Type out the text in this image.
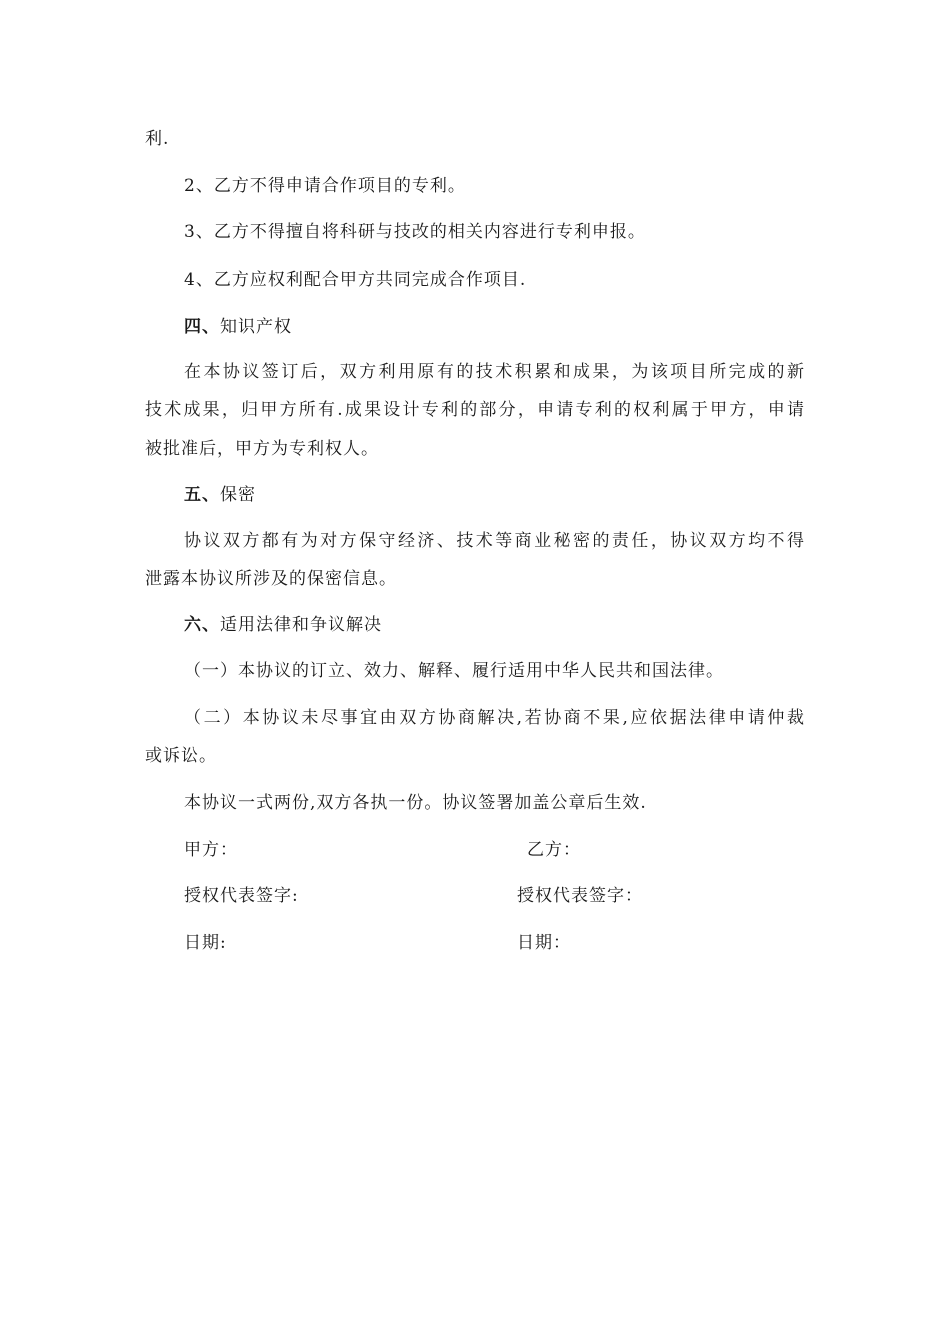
利.
2、乙方不得申请合作项目的专利。
3、乙方不得擅自将科研与技改的相关内容进行专利申报。
4、乙方应权利配合甲方共同完成合作项目.
四、知识产权
在本协议签订后，双方利用原有的技术积累和成果，为该项目所完成的新
技术成果，归甲方所有.成果设计专利的部分，申请专利的权利属于甲方，申请
被批准后，甲方为专利权人。
五、保密
协议双方都有为对方保守经济、技术等商业秘密的责任，协议双方均不得
泄露本协议所涉及的保密信息。
六、适用法律和争议解决
（一）本协议的订立、效力、解释、履行适用中华人民共和国法律。
（二）本协议未尽事宜由双方协商解决,若协商不果,应依据法律申请仲裁
或诉讼。
本协议一式两份,双方各执一份。协议签署加盖公章后生效.
甲方：	乙方：
授权代表签字:	授权代表签字：
日期:	日期：
